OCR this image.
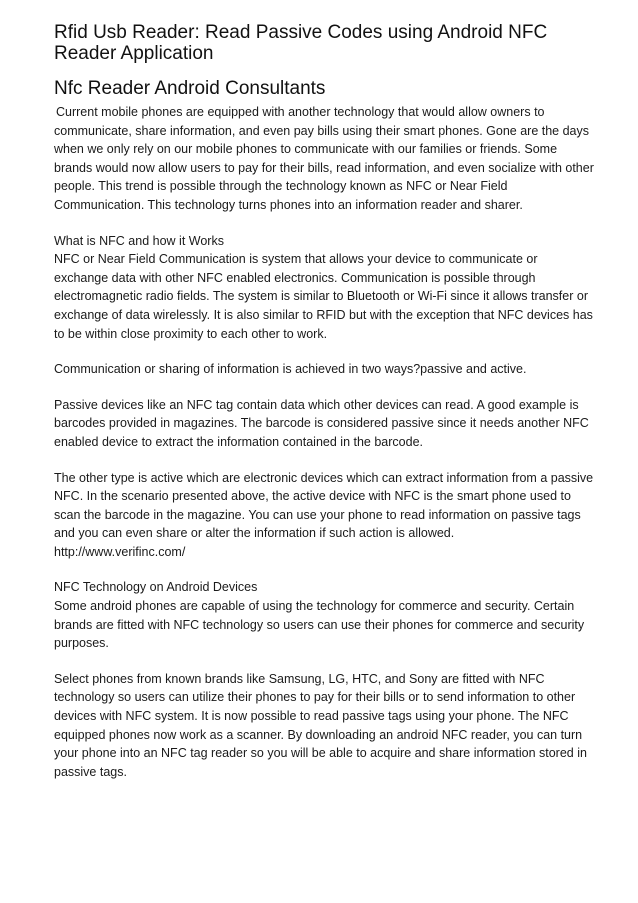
Rfid Usb Reader: Read Passive Codes using Android NFC Reader Application
Nfc Reader Android Consultants

Current mobile phones are equipped with another technology that would allow owners to communicate, share information, and even pay bills using their smart phones. Gone are the days when we only rely on our mobile phones to communicate with our families or friends. Some brands would now allow users to pay for their bills, read information, and even socialize with other people. This trend is possible through the technology known as NFC or Near Field Communication. This technology turns phones into an information reader and sharer.

What is NFC and how it Works
NFC or Near Field Communication is system that allows your device to communicate or exchange data with other NFC enabled electronics. Communication is possible through electromagnetic radio fields. The system is similar to Bluetooth or Wi-Fi since it allows transfer or exchange of data wirelessly. It is also similar to RFID but with the exception that NFC devices has to be within close proximity to each other to work.

Communication or sharing of information is achieved in two ways?passive and active.

Passive devices like an NFC tag contain data which other devices can read. A good example is barcodes provided in magazines. The barcode is considered passive since it needs another NFC enabled device to extract the information contained in the barcode.

The other type is active which are electronic devices which can extract information from a passive NFC. In the scenario presented above, the active device with NFC is the smart phone used to scan the barcode in the magazine. You can use your phone to read information on passive tags and you can even share or alter the information if such action is allowed.
http://www.verifinc.com/
NFC Technology on Android Devices
Some android phones are capable of using the technology for commerce and security. Certain brands are fitted with NFC technology so users can use their phones for commerce and security purposes.

Select phones from known brands like Samsung, LG, HTC, and Sony are fitted with NFC technology so users can utilize their phones to pay for their bills or to send information to other devices with NFC system. It is now possible to read passive tags using your phone. The NFC equipped phones now work as a scanner. By downloading an android NFC reader, you can turn your phone into an NFC tag reader so you will be able to acquire and share information stored in passive tags.
